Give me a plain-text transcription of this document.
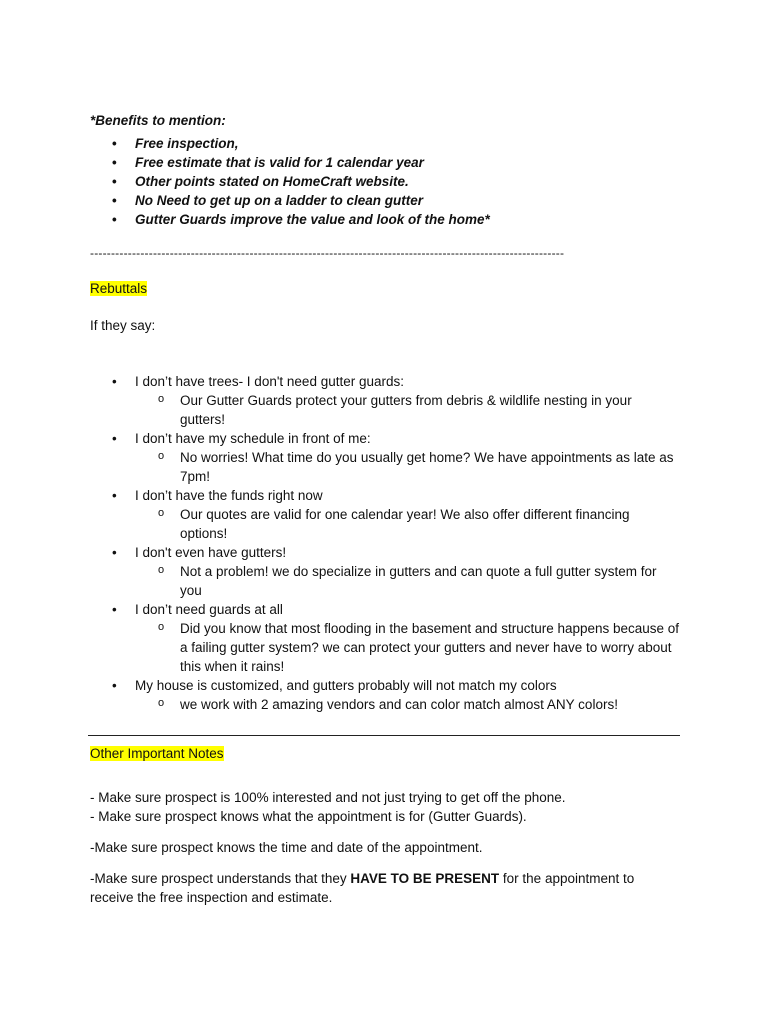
*Benefits to mention:
• Free inspection,
• Free estimate that is valid for 1 calendar year
• Other points stated on HomeCraft website.
• No Need to get up on a ladder to clean gutter
• Gutter Guards improve the value and look of the home*
-----------------------------------------------------------------------------------------------------------------
Rebuttals
If they say:
• I don’t have trees- I don't need gutter guards:
o Our Gutter Guards protect your gutters from debris & wildlife nesting in your gutters!
• I don’t have my schedule in front of me:
o No worries! What time do you usually get home? We have appointments as late as 7pm!
• I don’t have the funds right now
o Our quotes are valid for one calendar year! We also offer different financing options!
• I don't even have gutters!
o Not a problem! we do specialize in gutters and can quote a full gutter system for you
• I don’t need guards at all
o Did you know that most flooding in the basement and structure happens because of a failing gutter system? we can protect your gutters and never have to worry about this when it rains!
• My house is customized, and gutters probably will not match my colors
o we work with 2 amazing vendors and can color match almost ANY colors!
Other Important Notes

- Make sure prospect is 100% interested and not just trying to get off the phone.

- Make sure prospect knows what the appointment is for (Gutter Guards).

-Make sure prospect knows the time and date of the appointment.

-Make sure prospect understands that they HAVE TO BE PRESENT for the appointment to receive the free inspection and estimate.
